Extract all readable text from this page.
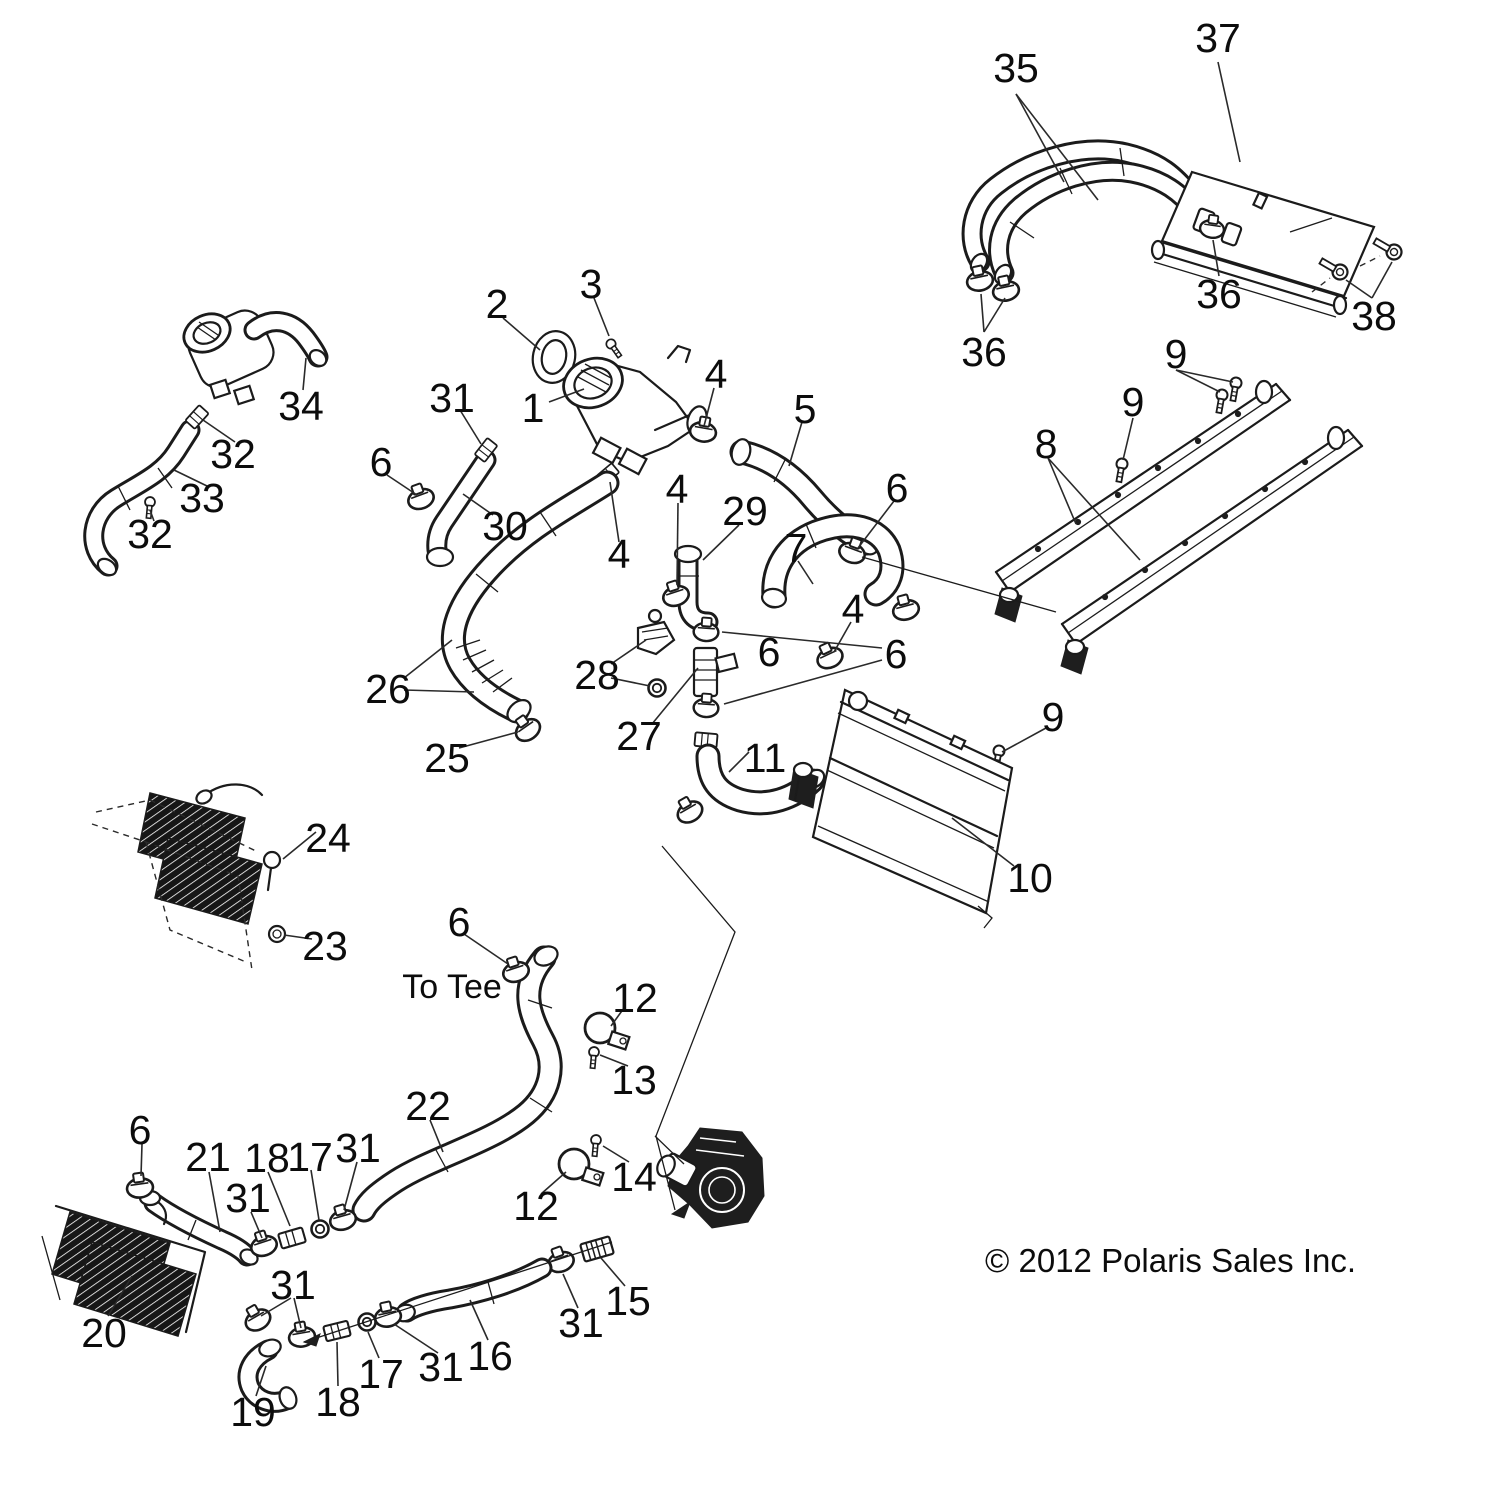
37
35
36
36
38
9
9
8
2 3
1
31
4
5
30
6
34
32
33
32	29
4
4	7
6
6
4
6
28
27
26
25	11
9
10
24
23
6
12
13
22
6
21 18
17 31
31
31
20
12
14
15
31
16
31
17
18
19
To Tee
© 2012 Polaris Sales Inc.
